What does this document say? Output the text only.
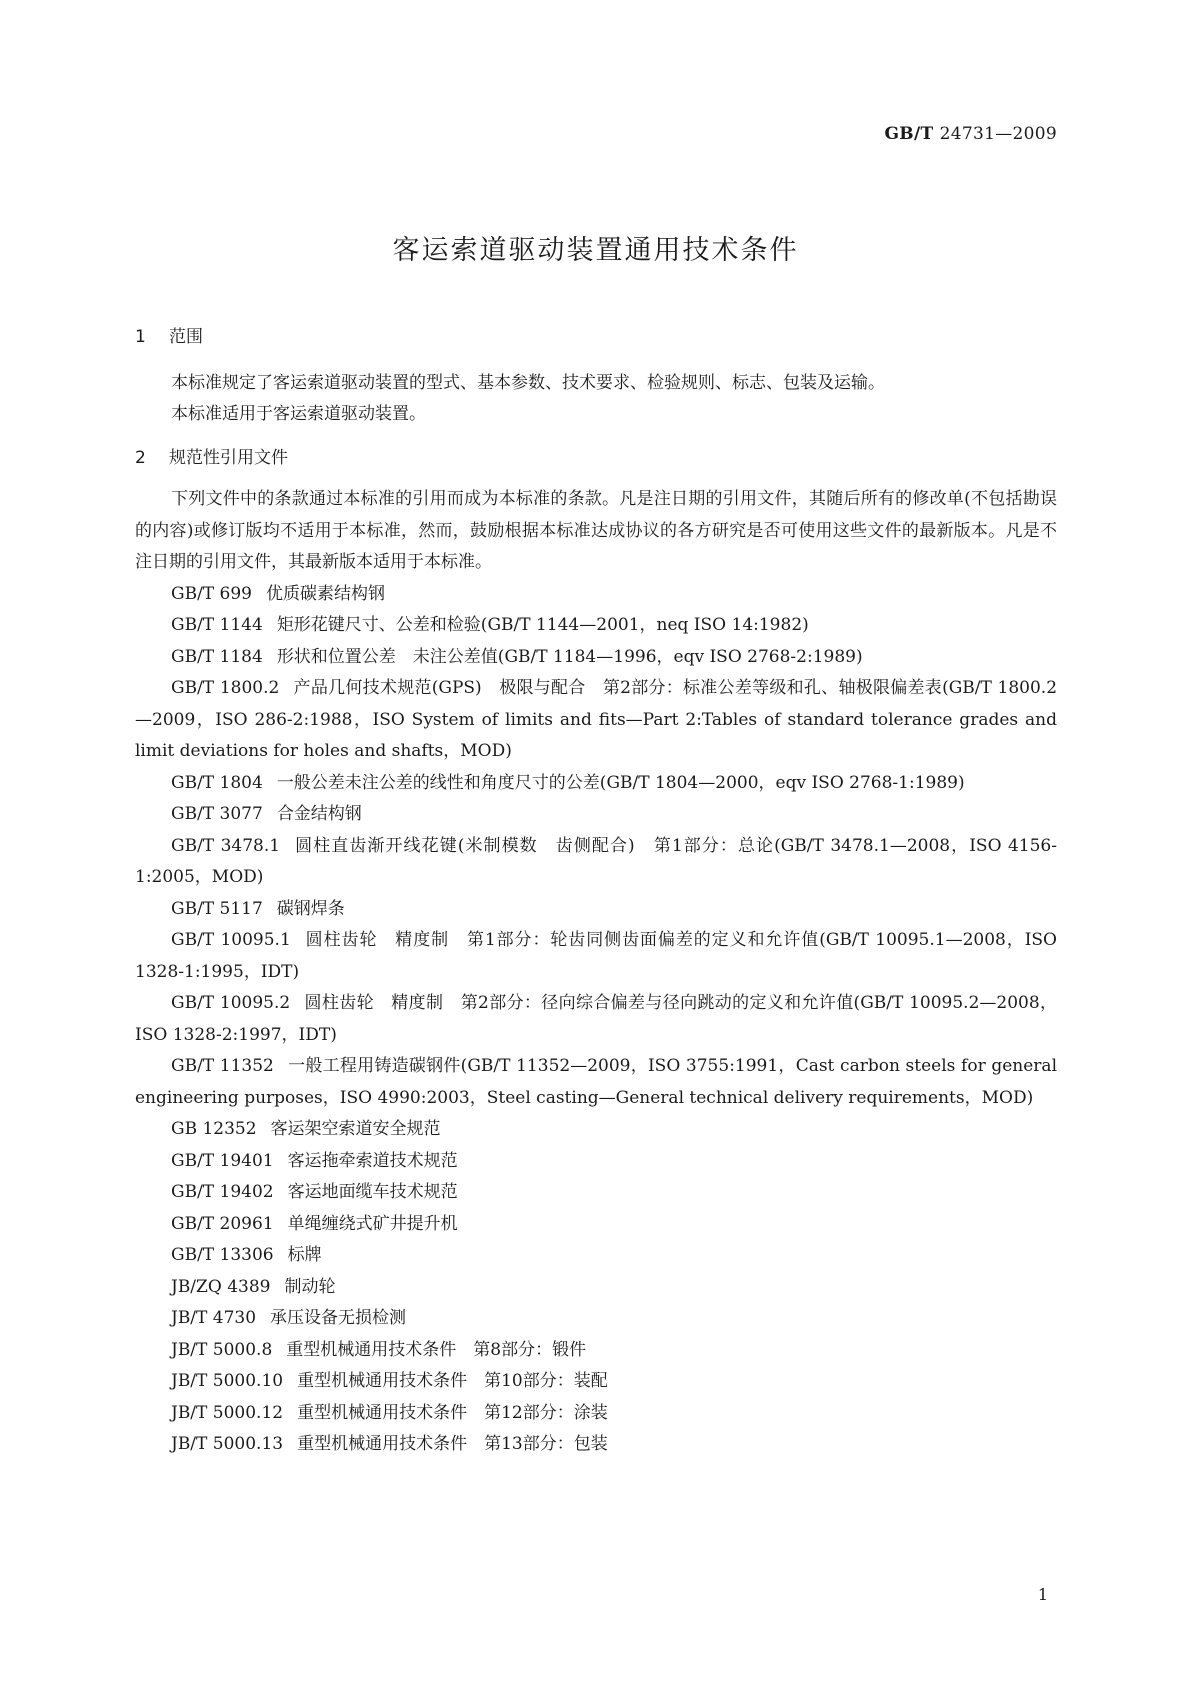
GB/T 24731—2009
客运索道驱动装置通用技术条件
1 范围

本标准规定了客运索道驱动装置的型式、基本参数、技术要求、检验规则、标志、包装及运输。

本标准适用于客运索道驱动装置。

2 规范性引用文件

下列文件中的条款通过本标准的引用而成为本标准的条款。凡是注日期的引用文件，其随后所有的修改单(不包括勘误的内容)或修订版均不适用于本标准，然而，鼓励根据本标准达成协议的各方研究是否可使用这些文件的最新版本。凡是不注日期的引用文件，其最新版本适用于本标准。

GB/T 699 优质碳素结构钢

GB/T 1144 矩形花键尺寸、公差和检验(GB/T 1144—2001，neq ISO 14:1982)

GB/T 1184 形状和位置公差　未注公差值(GB/T 1184—1996，eqv ISO 2768-2:1989)

GB/T 1800.2 产品几何技术规范(GPS)　极限与配合　第2部分：标准公差等级和孔、轴极限偏差表(GB/T 1800.2—2009，ISO 286-2:1988，ISO System of limits and fits—Part 2:Tables of standard tolerance grades and limit deviations for holes and shafts，MOD)

GB/T 1804 一般公差未注公差的线性和角度尺寸的公差(GB/T 1804—2000，eqv ISO 2768-1:1989)

GB/T 3077 合金结构钢

GB/T 3478.1 圆柱直齿渐开线花键(米制模数　齿侧配合)　第1部分：总论(GB/T 3478.1—2008，ISO 4156-1:2005，MOD)

GB/T 5117 碳钢焊条

GB/T 10095.1 圆柱齿轮　精度制　第1部分：轮齿同侧齿面偏差的定义和允许值(GB/T 10095.1—2008，ISO 1328-1:1995，IDT)

GB/T 10095.2 圆柱齿轮　精度制　第2部分：径向综合偏差与径向跳动的定义和允许值(GB/T 10095.2—2008，ISO 1328-2:1997，IDT)

GB/T 11352 一般工程用铸造碳钢件(GB/T 11352—2009，ISO 3755:1991，Cast carbon steels for general engineering purposes，ISO 4990:2003，Steel casting—General technical delivery requirements，MOD)

GB 12352 客运架空索道安全规范

GB/T 19401 客运拖牵索道技术规范

GB/T 19402 客运地面缆车技术规范

GB/T 20961 单绳缠绕式矿井提升机

GB/T 13306 标牌

JB/ZQ 4389 制动轮

JB/T 4730 承压设备无损检测

JB/T 5000.8 重型机械通用技术条件　第8部分：锻件

JB/T 5000.10 重型机械通用技术条件　第10部分：装配

JB/T 5000.12 重型机械通用技术条件　第12部分：涂装

JB/T 5000.13 重型机械通用技术条件　第13部分：包装

1
